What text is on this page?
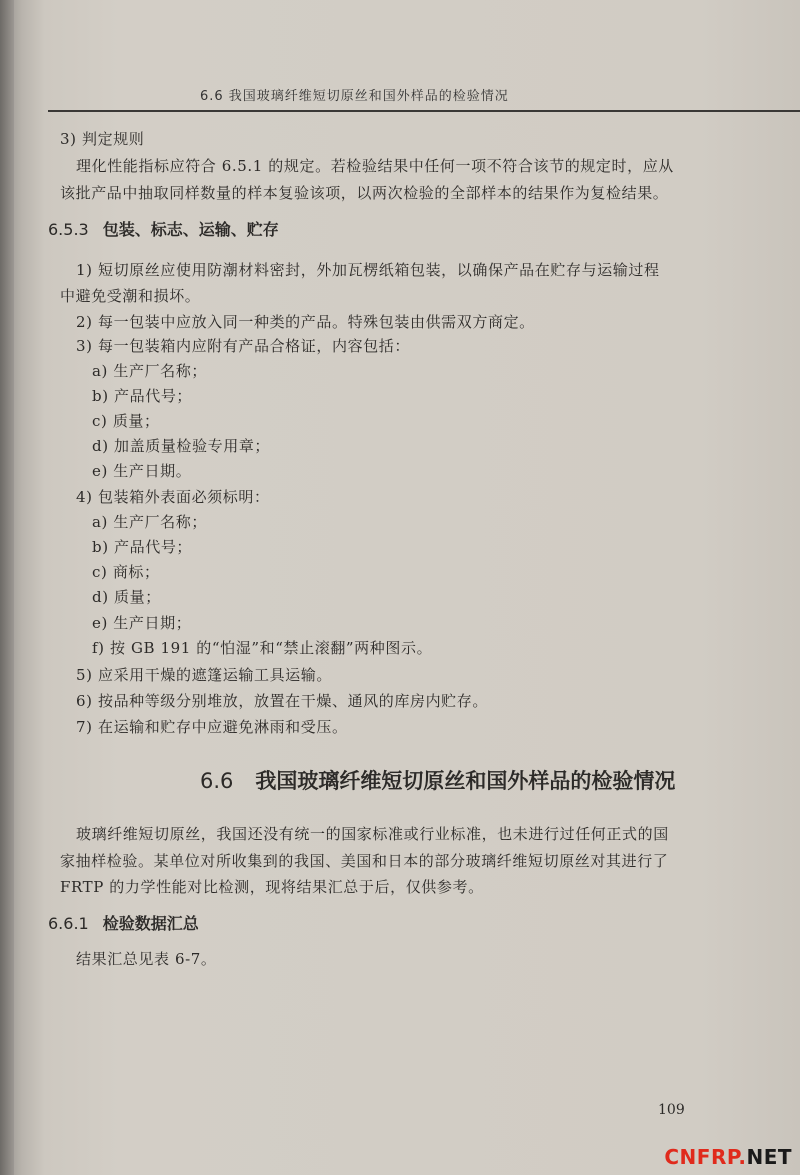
6.6 我国玻璃纤维短切原丝和国外样品的检验情况
3) 判定规则
理化性能指标应符合 6.5.1 的规定。若检验结果中任何一项不符合该节的规定时，应从
该批产品中抽取同样数量的样本复验该项，以两次检验的全部样本的结果作为复检结果。
6.5.3 包装、标志、运输、贮存
1) 短切原丝应使用防潮材料密封，外加瓦楞纸箱包装，以确保产品在贮存与运输过程
中避免受潮和损坏。
2) 每一包装中应放入同一种类的产品。特殊包装由供需双方商定。
3) 每一包装箱内应附有产品合格证，内容包括：
a) 生产厂名称；
b) 产品代号；
c) 质量；
d) 加盖质量检验专用章；
e) 生产日期。
4) 包装箱外表面必须标明：
a) 生产厂名称；
b) 产品代号；
c) 商标；
d) 质量；
e) 生产日期；
f) 按 GB 191 的“怕湿”和“禁止滚翻”两种图示。
5) 应采用干燥的遮篷运输工具运输。
6) 按品种等级分别堆放，放置在干燥、通风的库房内贮存。
7) 在运输和贮存中应避免淋雨和受压。
6.6 我国玻璃纤维短切原丝和国外样品的检验情况
玻璃纤维短切原丝，我国还没有统一的国家标准或行业标准，也未进行过任何正式的国
家抽样检验。某单位对所收集到的我国、美国和日本的部分玻璃纤维短切原丝对其进行了
FRTP 的力学性能对比检测，现将结果汇总于后，仅供参考。
6.6.1 检验数据汇总
结果汇总见表 6-7。
109
CNFRP.NET
